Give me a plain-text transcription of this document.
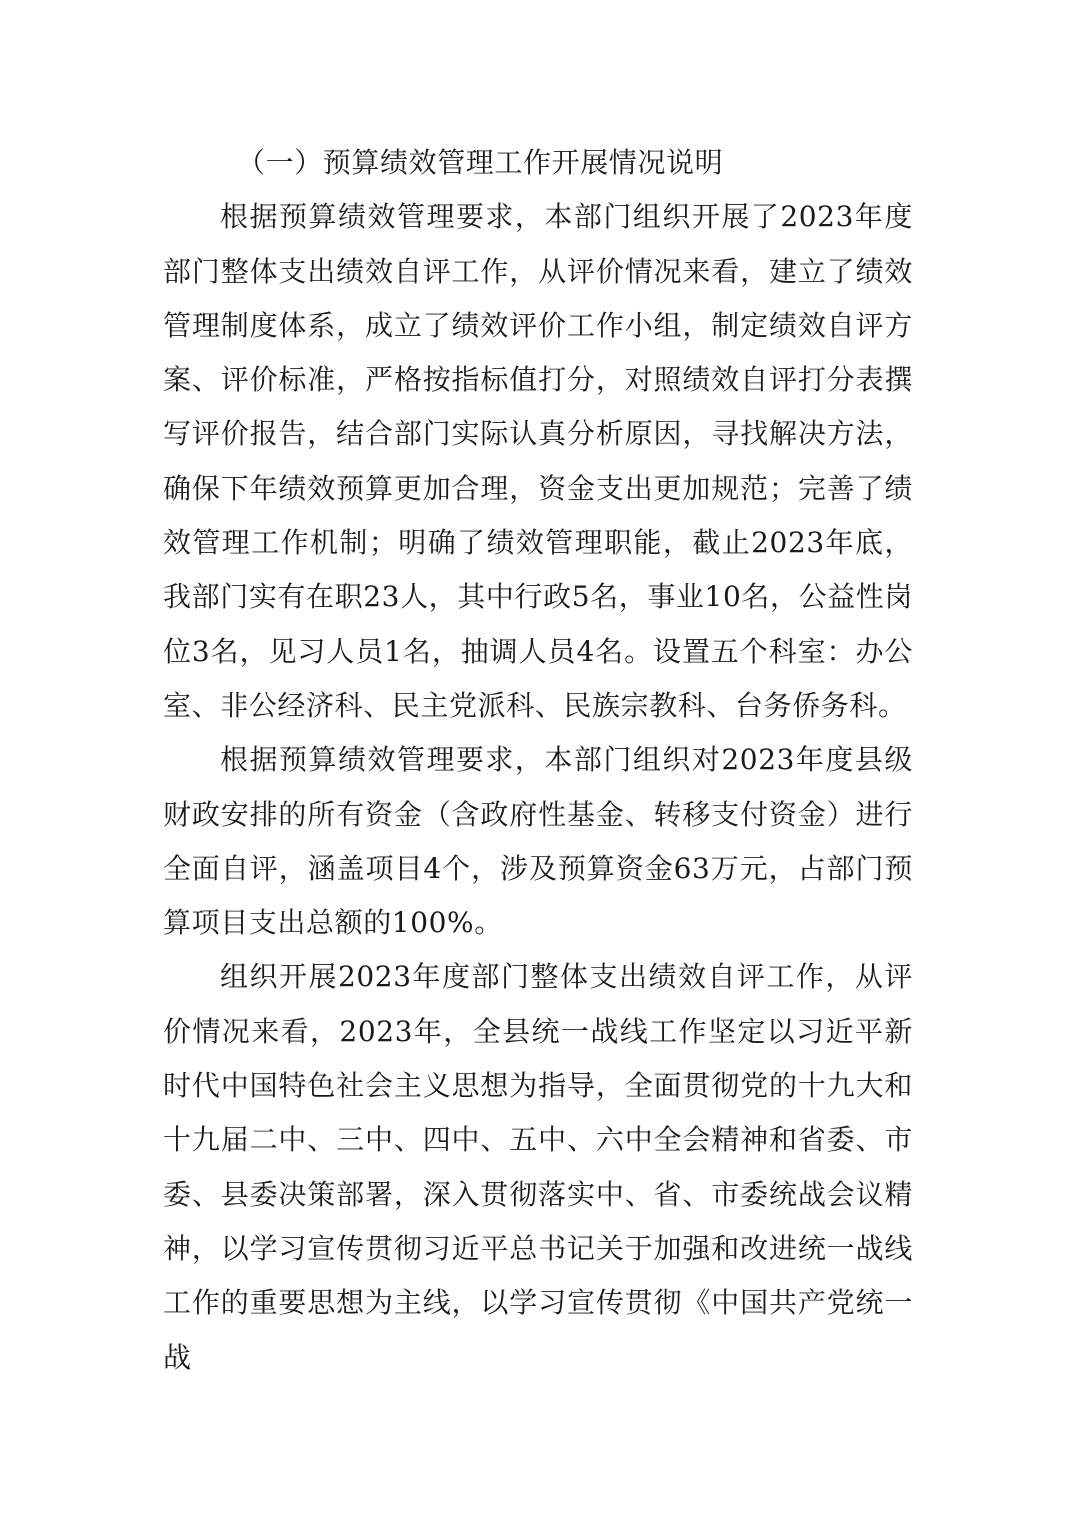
（一）预算绩效管理工作开展情况说明

根据预算绩效管理要求，本部门组织开展了2023年度部门整体支出绩效自评工作，从评价情况来看，建立了绩效管理制度体系，成立了绩效评价工作小组，制定绩效自评方案、评价标准，严格按指标值打分，对照绩效自评打分表撰写评价报告，结合部门实际认真分析原因，寻找解决方法，确保下年绩效预算更加合理，资金支出更加规范；完善了绩效管理工作机制；明确了绩效管理职能，截止2023年底，我部门实有在职23人，其中行政5名，事业10名，公益性岗位3名，见习人员1名，抽调人员4名。设置五个科室：办公室、非公经济科、民主党派科、民族宗教科、台务侨务科。

根据预算绩效管理要求，本部门组织对2023年度县级财政安排的所有资金（含政府性基金、转移支付资金）进行全面自评，涵盖项目4个，涉及预算资金63万元，占部门预算项目支出总额的100%。

组织开展2023年度部门整体支出绩效自评工作，从评价情况来看，2023年，全县统一战线工作坚定以习近平新时代中国特色社会主义思想为指导，全面贯彻党的十九大和十九届二中、三中、四中、五中、六中全会精神和省委、市委、县委决策部署，深入贯彻落实中、省、市委统战会议精神，以学习宣传贯彻习近平总书记关于加强和改进统一战线工作的重要思想为主线，以学习宣传贯彻《中国共产党统一战
